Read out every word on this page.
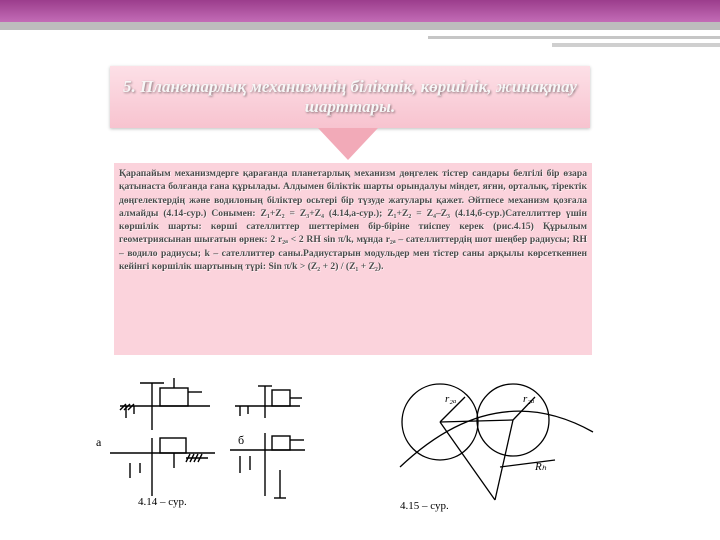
5. Планетарлық механизмнің біліктік, көршілік, жинақтау шарттары.

Қарапайым механизмдерге қарағанда планетарлық механизм дөңгелек тістер сандары белгілі бір өзара қатынаста болғанда ғана құрылады. Алдымен біліктік шарты орындалуы міндет, яғни, орталық, тіректік дөңгелектердің және водилоның біліктер осьтері бір түзуде жатулары қажет. Әйтпесе механизм қозғала алмайды (4.14-сур.) Сонымен: Z₁+Z₂ = Z₃+Z₄ (4.14,а-сур.); Z₁+Z₂ = Z₄–Z₃ (4.14,б-сур.)Сателлиттер үшін көршілік шарты: көрші сателлиттер шеттерімен бір-біріне тиіспеу керек (рис.4.15) Құрылым геометриясынан шығатын өрнек: 2 r₂ₐ < 2 RН sin π/k, мұнда r₂ₐ – сателлиттердің шот шеңбер радиусы; RН – водило радиусы; k – сателлиттер саны.Радиустарын модульдер мен тістер саны арқылы көрсеткеннен кейінгі көршілік шартының түрі: Sin π/k > (Z₂ + 2) / (Z₁ + Z₂).

а	б
4.14 – сур.
r₂ₐ	r₂ₐ
Rₕ
4.15 – сур.
